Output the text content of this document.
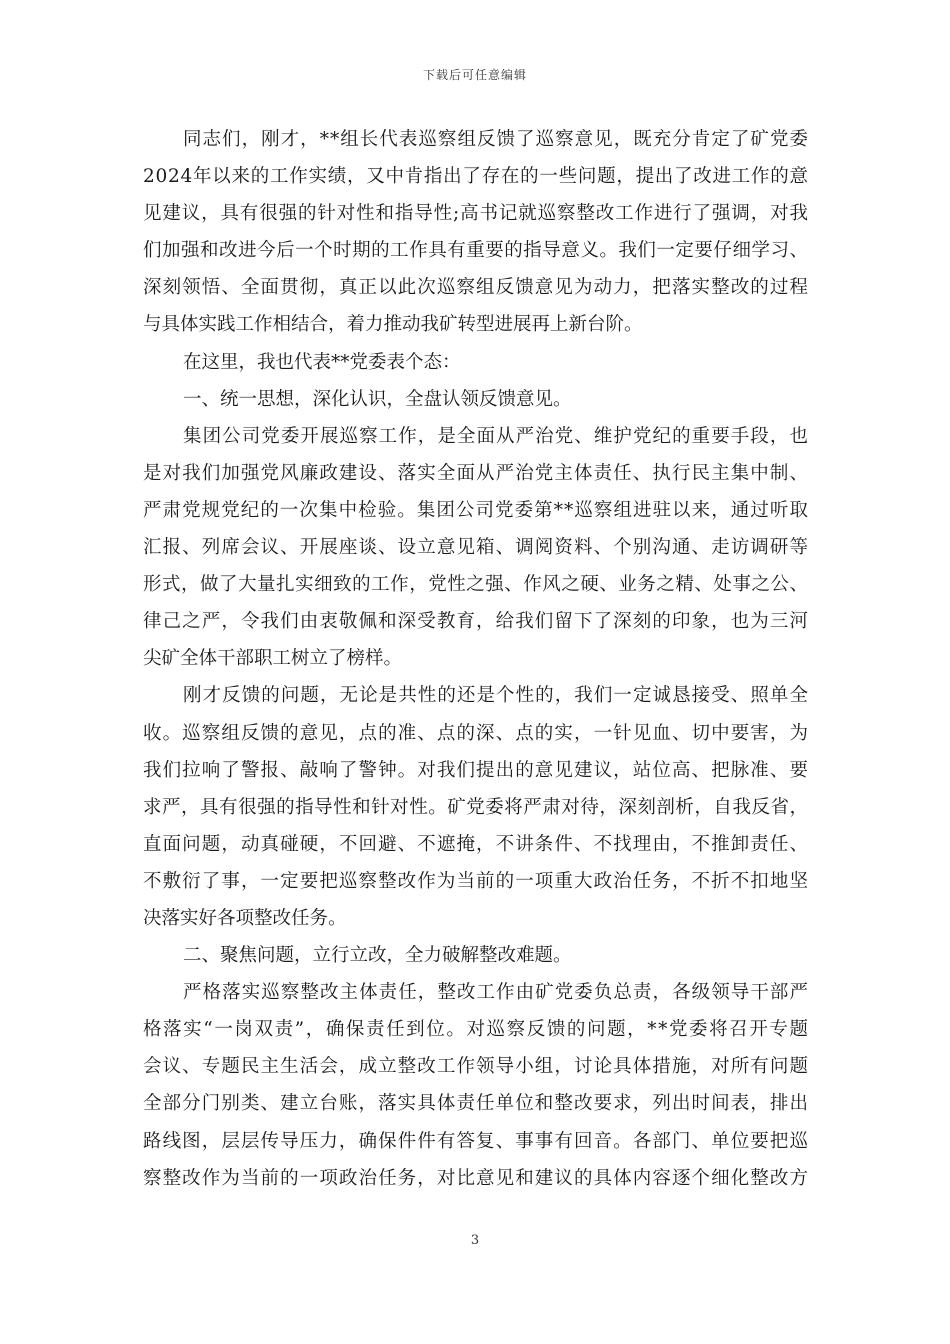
下载后可任意编辑
同志们，刚才，**组长代表巡察组反馈了巡察意见，既充分肯定了矿党委
2024年以来的工作实绩，又中肯指出了存在的一些问题，提出了改进工作的意
见建议，具有很强的针对性和指导性;高书记就巡察整改工作进行了强调，对我
们加强和改进今后一个时期的工作具有重要的指导意义。我们一定要仔细学习、
深刻领悟、全面贯彻，真正以此次巡察组反馈意见为动力，把落实整改的过程
与具体实践工作相结合，着力推动我矿转型进展再上新台阶。
在这里，我也代表**党委表个态：
一、统一思想，深化认识，全盘认领反馈意见。
集团公司党委开展巡察工作，是全面从严治党、维护党纪的重要手段，也
是对我们加强党风廉政建设、落实全面从严治党主体责任、执行民主集中制、
严肃党规党纪的一次集中检验。集团公司党委第**巡察组进驻以来，通过听取
汇报、列席会议、开展座谈、设立意见箱、调阅资料、个别沟通、走访调研等
形式，做了大量扎实细致的工作，党性之强、作风之硬、业务之精、处事之公、
律己之严，令我们由衷敬佩和深受教育，给我们留下了深刻的印象，也为三河
尖矿全体干部职工树立了榜样。
刚才反馈的问题，无论是共性的还是个性的，我们一定诚恳接受、照单全
收。巡察组反馈的意见，点的准、点的深、点的实，一针见血、切中要害，为
我们拉响了警报、敲响了警钟。对我们提出的意见建议，站位高、把脉准、要
求严，具有很强的指导性和针对性。矿党委将严肃对待，深刻剖析，自我反省，
直面问题，动真碰硬，不回避、不遮掩，不讲条件、不找理由，不推卸责任、
不敷衍了事，一定要把巡察整改作为当前的一项重大政治任务，不折不扣地坚
决落实好各项整改任务。
二、聚焦问题，立行立改，全力破解整改难题。
严格落实巡察整改主体责任，整改工作由矿党委负总责，各级领导干部严
格落实“一岗双责”，确保责任到位。对巡察反馈的问题，**党委将召开专题
会议、专题民主生活会，成立整改工作领导小组，讨论具体措施，对所有问题
全部分门别类、建立台账，落实具体责任单位和整改要求，列出时间表，排出
路线图，层层传导压力，确保件件有答复、事事有回音。各部门、单位要把巡
察整改作为当前的一项政治任务，对比意见和建议的具体内容逐个细化整改方
3
